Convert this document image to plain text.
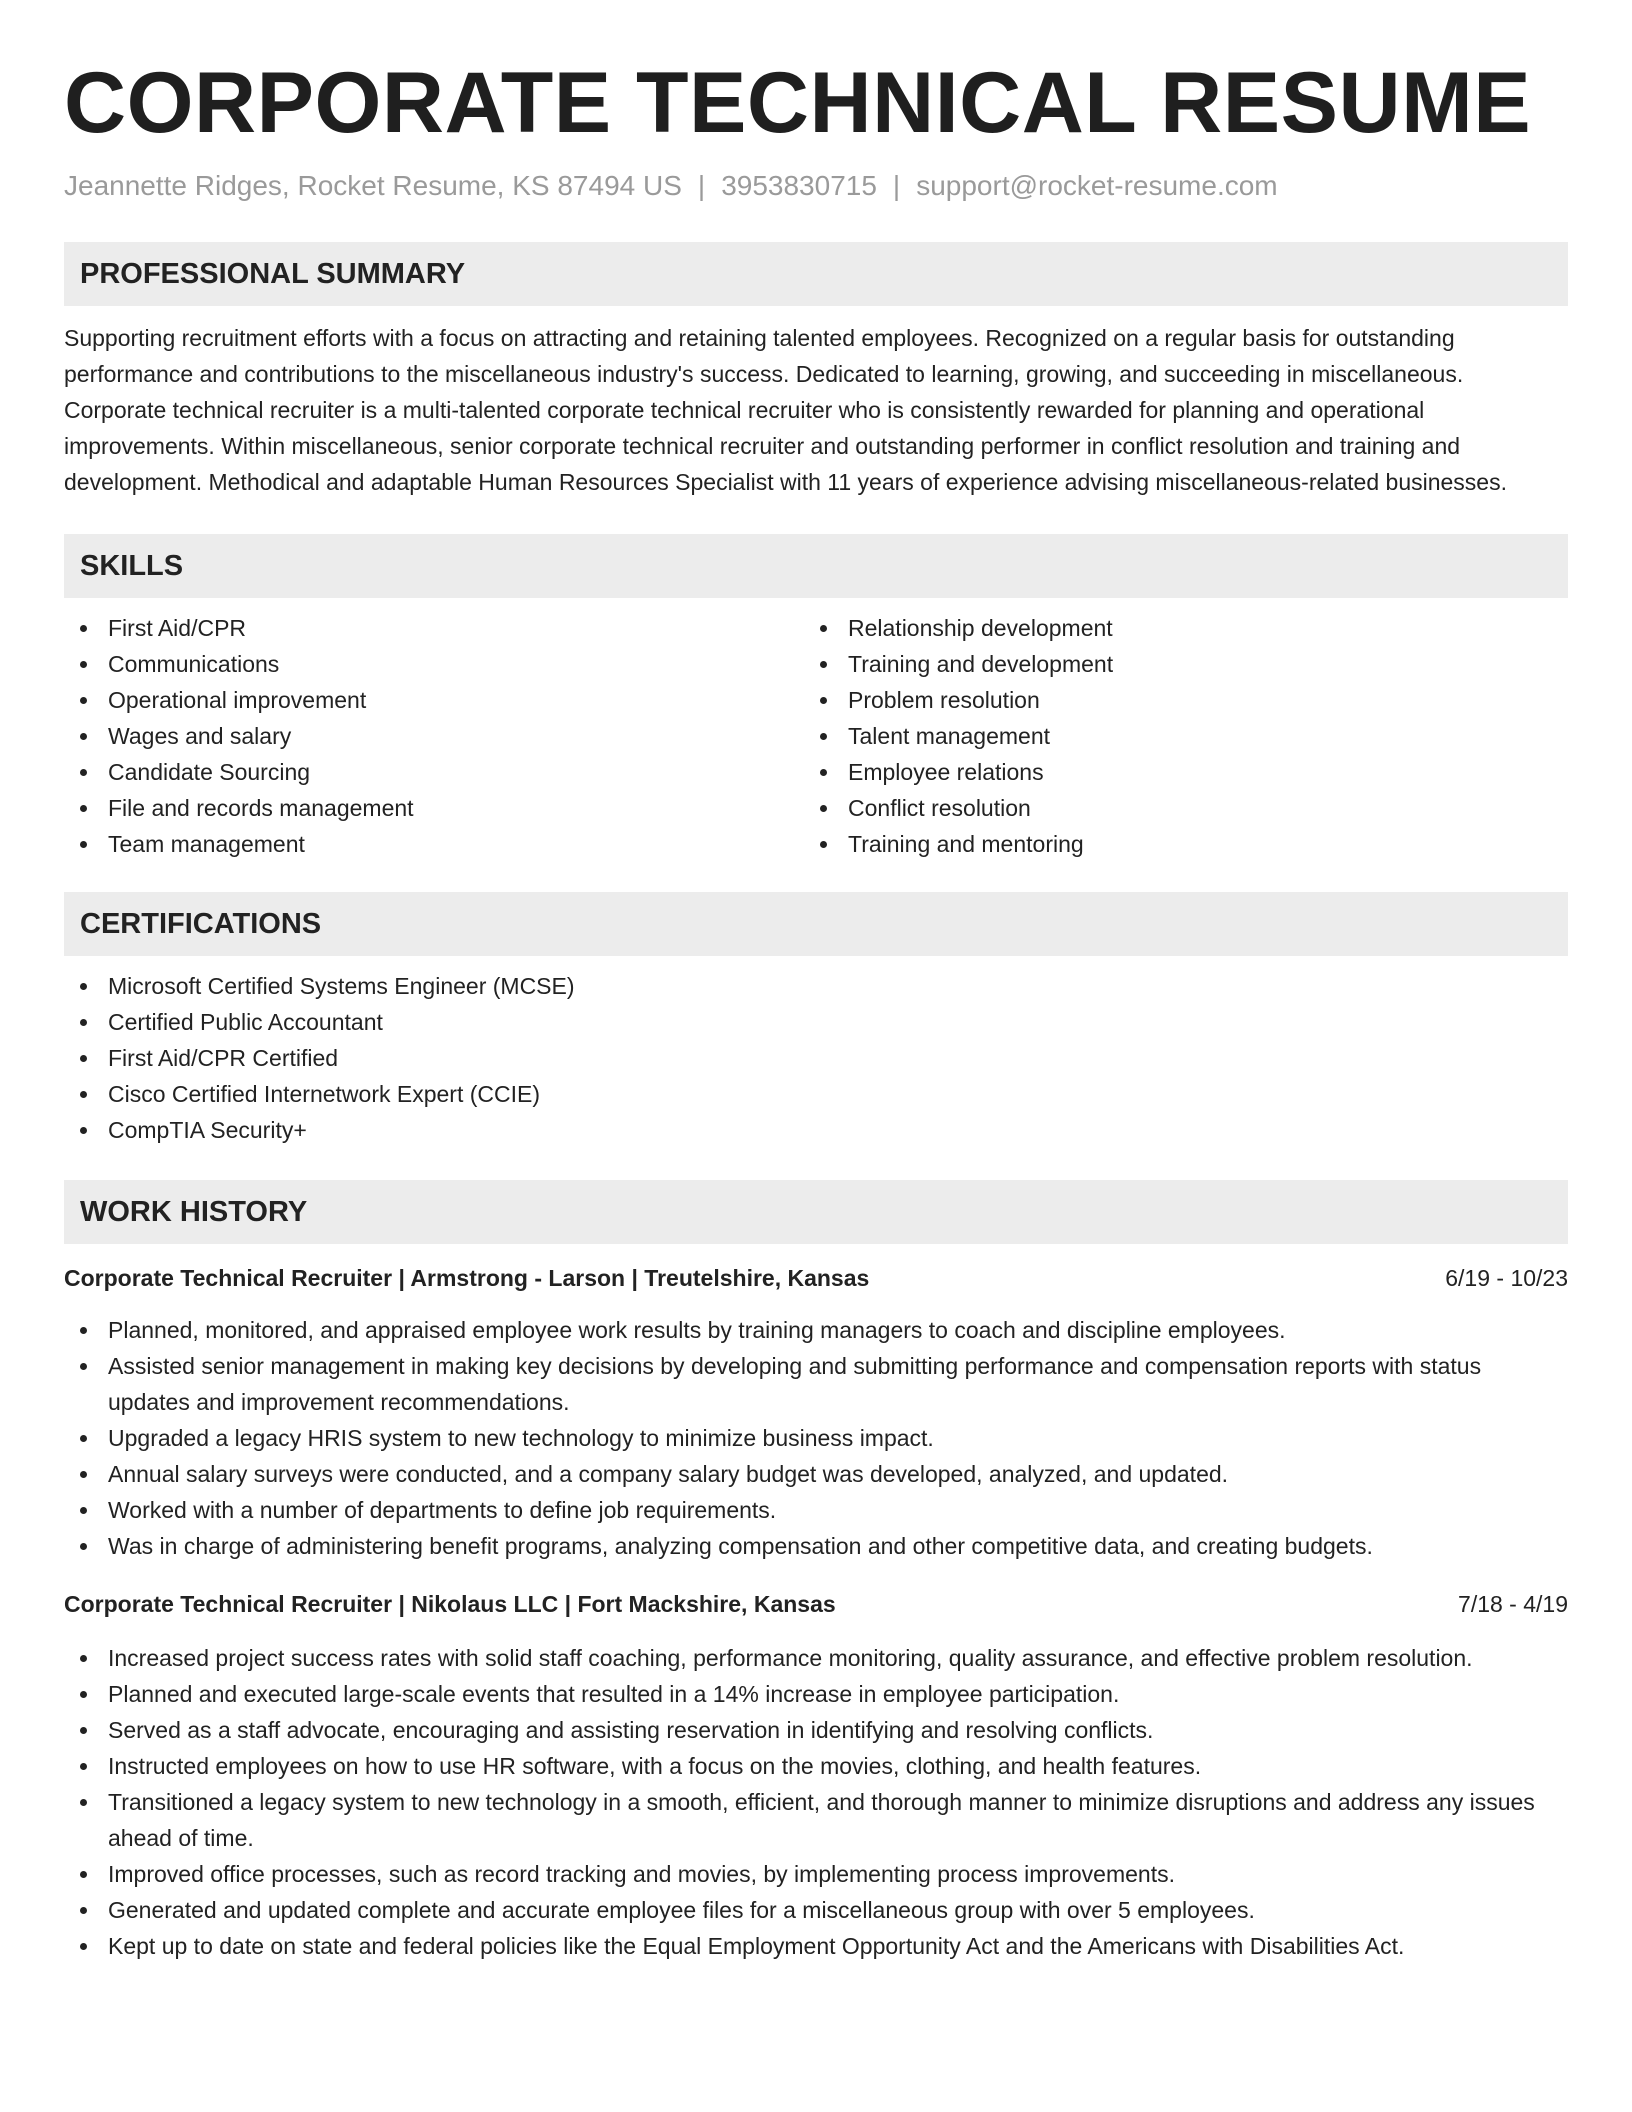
CORPORATE TECHNICAL RESUME
Jeannette Ridges, Rocket Resume, KS 87494 US | 3953830715 | support@rocket-resume.com
PROFESSIONAL SUMMARY

Supporting recruitment efforts with a focus on attracting and retaining talented employees. Recognized on a regular basis for outstanding performance and contributions to the miscellaneous industry's success. Dedicated to learning, growing, and succeeding in miscellaneous. Corporate technical recruiter is a multi-talented corporate technical recruiter who is consistently rewarded for planning and operational improvements. Within miscellaneous, senior corporate technical recruiter and outstanding performer in conflict resolution and training and development. Methodical and adaptable Human Resources Specialist with 11 years of experience advising miscellaneous-related businesses.

SKILLS
First Aid/CPR
Communications
Operational improvement
Wages and salary
Candidate Sourcing
File and records management
Team management
Relationship development
Training and development
Problem resolution
Talent management
Employee relations
Conflict resolution
Training and mentoring
CERTIFICATIONS
Microsoft Certified Systems Engineer (MCSE)
Certified Public Accountant
First Aid/CPR Certified
Cisco Certified Internetwork Expert (CCIE)
CompTIA Security+
WORK HISTORY
Corporate Technical Recruiter | Armstrong - Larson | Treutelshire, Kansas	6/19 - 10/23
Planned, monitored, and appraised employee work results by training managers to coach and discipline employees.
Assisted senior management in making key decisions by developing and submitting performance and compensation reports with status updates and improvement recommendations.
Upgraded a legacy HRIS system to new technology to minimize business impact.
Annual salary surveys were conducted, and a company salary budget was developed, analyzed, and updated.
Worked with a number of departments to define job requirements.
Was in charge of administering benefit programs, analyzing compensation and other competitive data, and creating budgets.
Corporate Technical Recruiter | Nikolaus LLC | Fort Mackshire, Kansas	7/18 - 4/19
Increased project success rates with solid staff coaching, performance monitoring, quality assurance, and effective problem resolution.
Planned and executed large-scale events that resulted in a 14% increase in employee participation.
Served as a staff advocate, encouraging and assisting reservation in identifying and resolving conflicts.
Instructed employees on how to use HR software, with a focus on the movies, clothing, and health features.
Transitioned a legacy system to new technology in a smooth, efficient, and thorough manner to minimize disruptions and address any issues ahead of time.
Improved office processes, such as record tracking and movies, by implementing process improvements.
Generated and updated complete and accurate employee files for a miscellaneous group with over 5 employees.
Kept up to date on state and federal policies like the Equal Employment Opportunity Act and the Americans with Disabilities Act.
